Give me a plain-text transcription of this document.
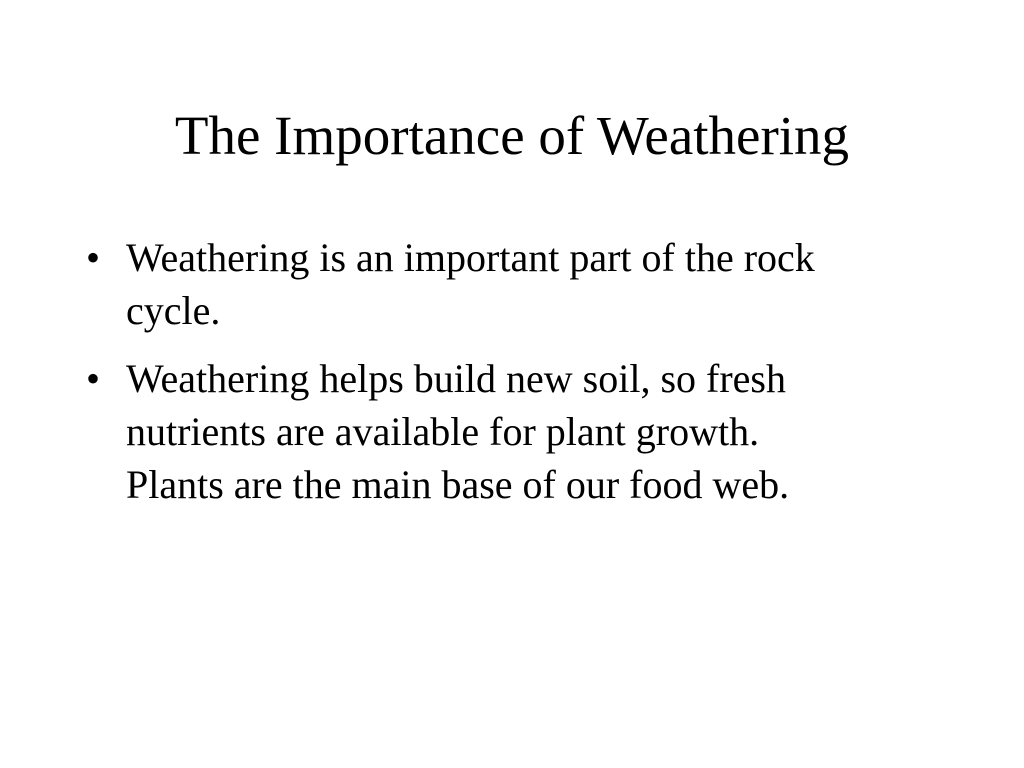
The Importance of Weathering
• Weathering is an important part of the rock
cycle.
• Weathering helps build new soil, so fresh
nutrients are available for plant growth.
Plants are the main base of our food web.
